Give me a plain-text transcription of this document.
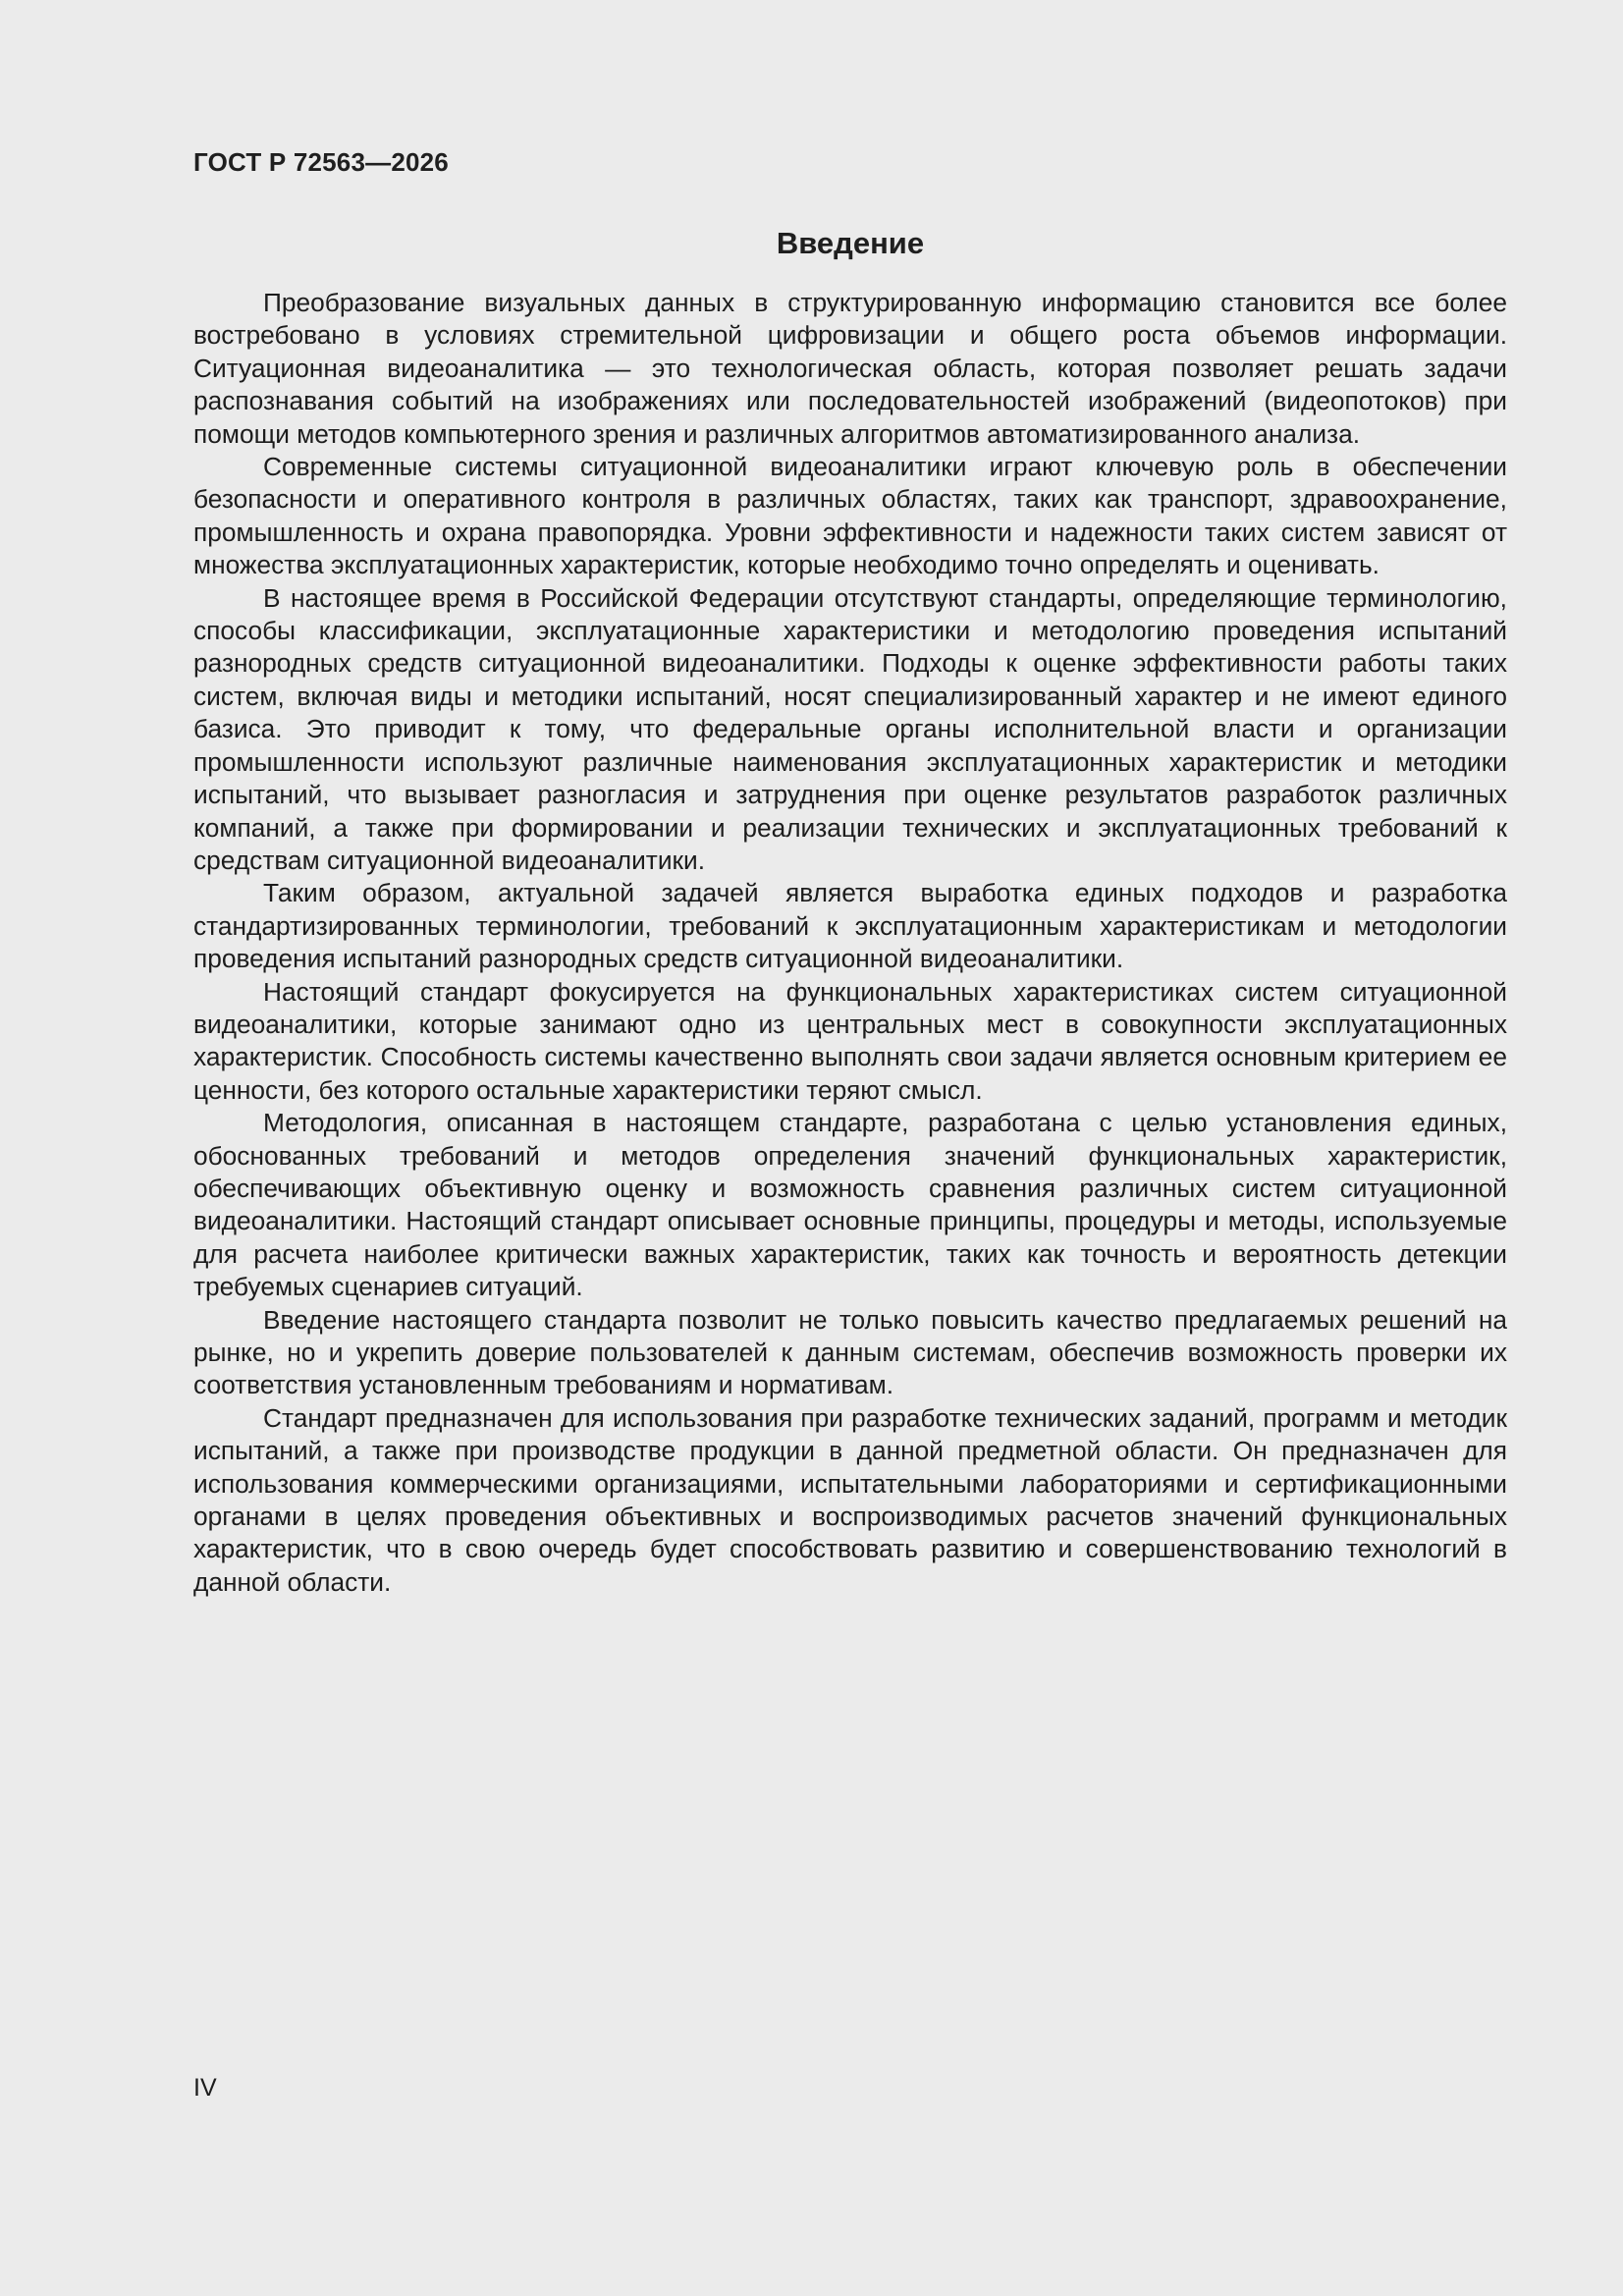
ГОСТ Р 72563—2026
Введение

Преобразование визуальных данных в структурированную информацию становится все более востребовано в условиях стремительной цифровизации и общего роста объемов информации. Ситуационная видеоаналитика — это технологическая область, которая позволяет решать задачи распознавания событий на изображениях или последовательностей изображений (видеопотоков) при помощи методов компьютерного зрения и различных алгоритмов автоматизированного анализа.

Современные системы ситуационной видеоаналитики играют ключевую роль в обеспечении безопасности и оперативного контроля в различных областях, таких как транспорт, здравоохранение, промышленность и охрана правопорядка. Уровни эффективности и надежности таких систем зависят от множества эксплуатационных характеристик, которые необходимо точно определять и оценивать.

В настоящее время в Российской Федерации отсутствуют стандарты, определяющие терминологию, способы классификации, эксплуатационные характеристики и методологию проведения испытаний разнородных средств ситуационной видеоаналитики. Подходы к оценке эффективности работы таких систем, включая виды и методики испытаний, носят специализированный характер и не имеют единого базиса. Это приводит к тому, что федеральные органы исполнительной власти и организации промышленности используют различные наименования эксплуатационных характеристик и методики испытаний, что вызывает разногласия и затруднения при оценке результатов разработок различных компаний, а также при формировании и реализации технических и эксплуатационных требований к средствам ситуационной видеоаналитики.

Таким образом, актуальной задачей является выработка единых подходов и разработка стандартизированных терминологии, требований к эксплуатационным характеристикам и методологии проведения испытаний разнородных средств ситуационной видеоаналитики.

Настоящий стандарт фокусируется на функциональных характеристиках систем ситуационной видеоаналитики, которые занимают одно из центральных мест в совокупности эксплуатационных характеристик. Способность системы качественно выполнять свои задачи является основным критерием ее ценности, без которого остальные характеристики теряют смысл.

Методология, описанная в настоящем стандарте, разработана с целью установления единых, обоснованных требований и методов определения значений функциональных характеристик, обеспечивающих объективную оценку и возможность сравнения различных систем ситуационной видеоаналитики. Настоящий стандарт описывает основные принципы, процедуры и методы, используемые для расчета наиболее критически важных характеристик, таких как точность и вероятность детекции требуемых сценариев ситуаций.

Введение настоящего стандарта позволит не только повысить качество предлагаемых решений на рынке, но и укрепить доверие пользователей к данным системам, обеспечив возможность проверки их соответствия установленным требованиям и нормативам.

Стандарт предназначен для использования при разработке технических заданий, программ и методик испытаний, а также при производстве продукции в данной предметной области. Он предназначен для использования коммерческими организациями, испытательными лабораториями и сертификационными органами в целях проведения объективных и воспроизводимых расчетов значений функциональных характеристик, что в свою очередь будет способствовать развитию и совершенствованию технологий в данной области.

IV
